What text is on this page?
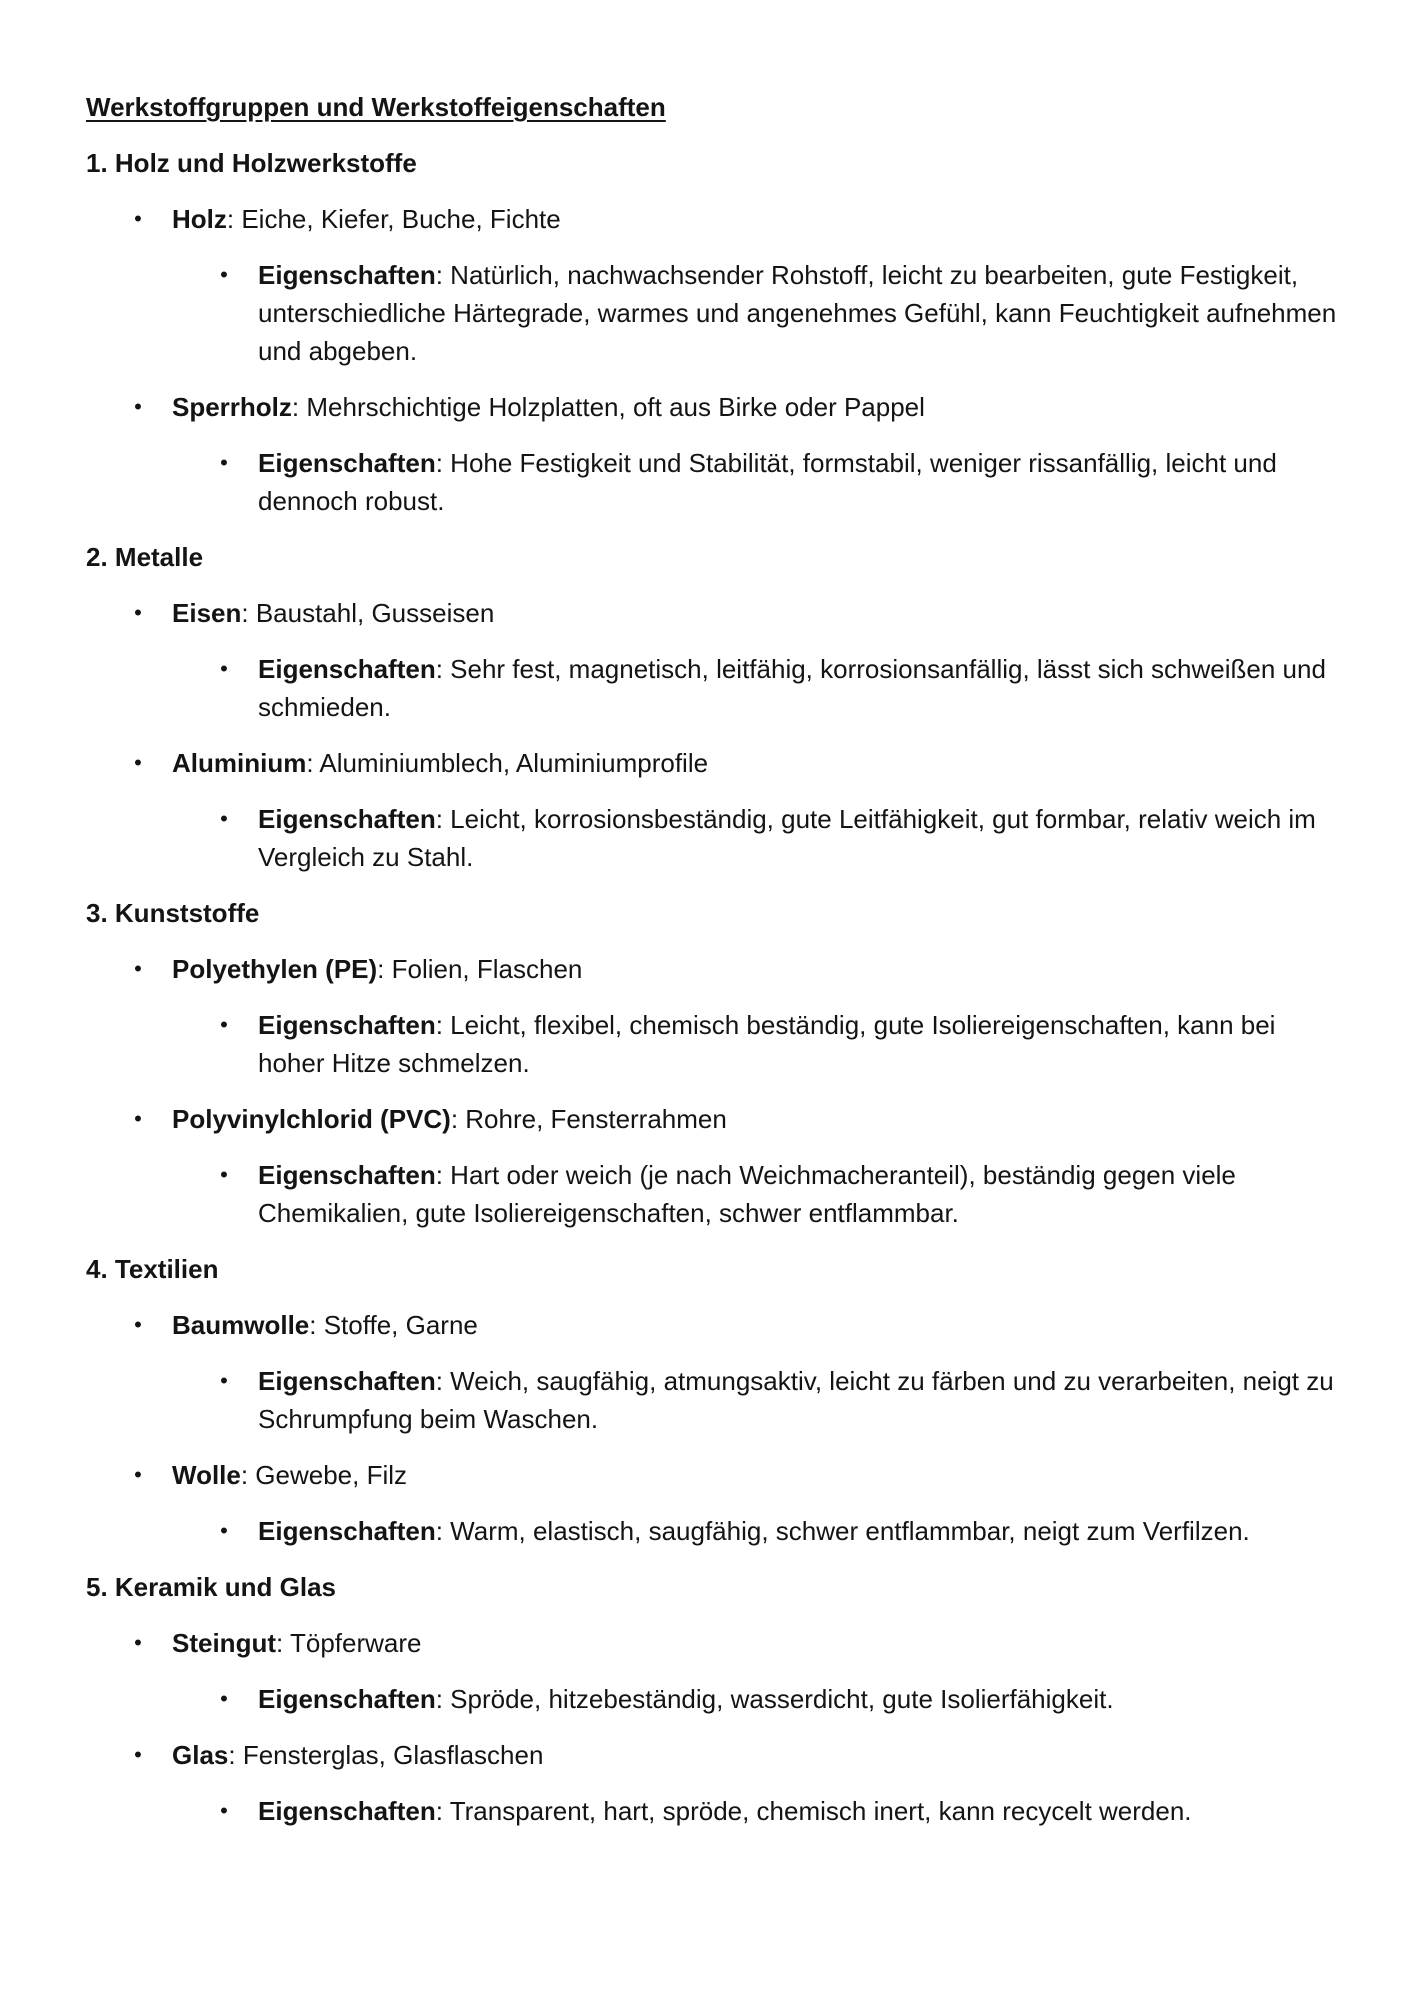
Werkstoffgruppen und Werkstoffeigenschaften
1. Holz und Holzwerkstoffe
• Holz: Eiche, Kiefer, Buche, Fichte
• Eigenschaften: Natürlich, nachwachsender Rohstoff, leicht zu bearbeiten, gute Festigkeit, unterschiedliche Härtegrade, warmes und angenehmes Gefühl, kann Feuchtigkeit aufnehmen und abgeben.
• Sperrholz: Mehrschichtige Holzplatten, oft aus Birke oder Pappel
• Eigenschaften: Hohe Festigkeit und Stabilität, formstabil, weniger rissanfällig, leicht und dennoch robust.
2. Metalle
• Eisen: Baustahl, Gusseisen
• Eigenschaften: Sehr fest, magnetisch, leitfähig, korrosionsanfällig, lässt sich schweißen und schmieden.
• Aluminium: Aluminiumblech, Aluminiumprofile
• Eigenschaften: Leicht, korrosionsbeständig, gute Leitfähigkeit, gut formbar, relativ weich im Vergleich zu Stahl.
3. Kunststoffe
• Polyethylen (PE): Folien, Flaschen
• Eigenschaften: Leicht, flexibel, chemisch beständig, gute Isoliereigenschaften, kann bei hoher Hitze schmelzen.
• Polyvinylchlorid (PVC): Rohre, Fensterrahmen
• Eigenschaften: Hart oder weich (je nach Weichmacheranteil), beständig gegen viele Chemikalien, gute Isoliereigenschaften, schwer entflammbar.
4. Textilien
• Baumwolle: Stoffe, Garne
• Eigenschaften: Weich, saugfähig, atmungsaktiv, leicht zu färben und zu verarbeiten, neigt zu Schrumpfung beim Waschen.
• Wolle: Gewebe, Filz
• Eigenschaften: Warm, elastisch, saugfähig, schwer entflammbar, neigt zum Verfilzen.
5. Keramik und Glas
• Steingut: Töpferware
• Eigenschaften: Spröde, hitzebeständig, wasserdicht, gute Isolierfähigkeit.
• Glas: Fensterglas, Glasflaschen
• Eigenschaften: Transparent, hart, spröde, chemisch inert, kann recycelt werden.
